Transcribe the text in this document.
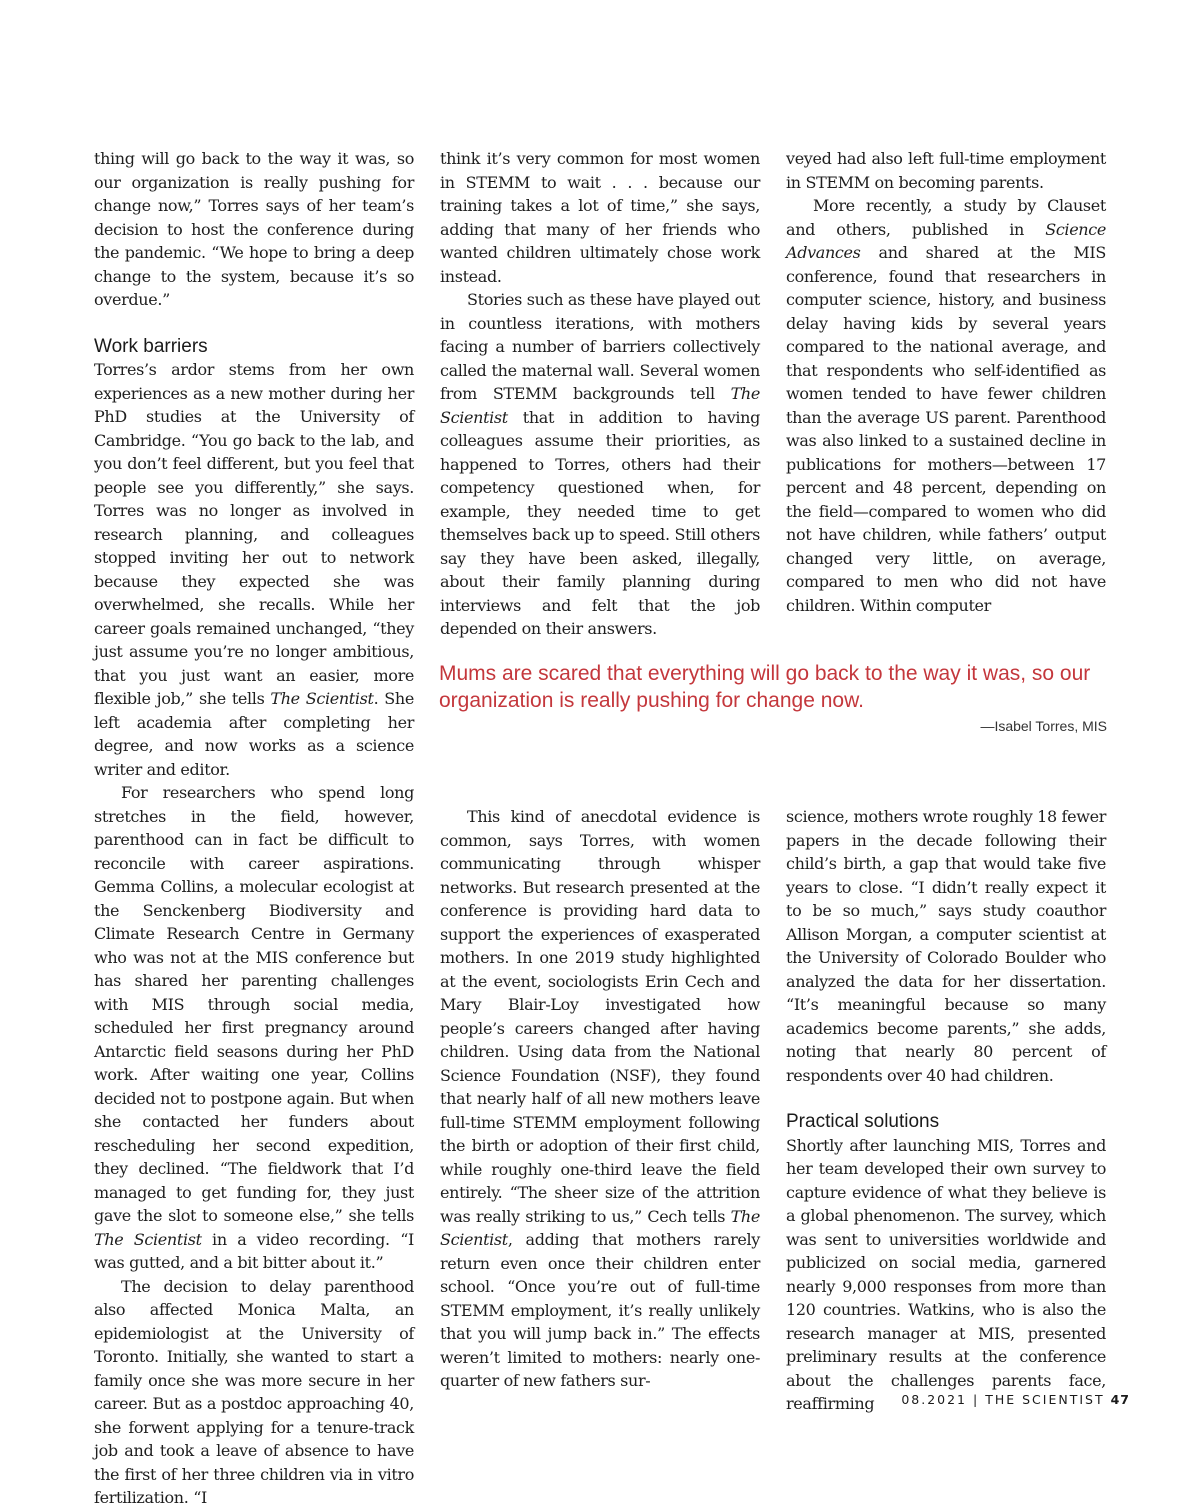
thing will go back to the way it was, so our organization is really pushing for change now,” Torres says of her team’s decision to host the conference during the pandemic. “We hope to bring a deep change to the system, because it’s so overdue.”

Work barriers

Torres’s ardor stems from her own experiences as a new mother during her PhD studies at the University of Cambridge. “You go back to the lab, and you don’t feel different, but you feel that people see you differently,” she says. Torres was no longer as involved in research planning, and colleagues stopped inviting her out to network because they expected she was overwhelmed, she recalls. While her career goals remained unchanged, “they just assume you’re no longer ambitious, that you just want an easier, more flexible job,” she tells The Scientist. She left academia after completing her degree, and now works as a science writer and editor.

For researchers who spend long stretches in the field, however, parenthood can in fact be difficult to reconcile with career aspirations. Gemma Collins, a molecular ecologist at the Senckenberg Biodiversity and Climate Research Centre in Germany who was not at the MIS conference but has shared her parenting challenges with MIS through social media, scheduled her first pregnancy around Antarctic field seasons during her PhD work. After waiting one year, Collins decided not to postpone again. But when she contacted her funders about rescheduling her second expedition, they declined. “The fieldwork that I’d managed to get funding for, they just gave the slot to someone else,” she tells The Scientist in a video recording. “I was gutted, and a bit bitter about it.”

The decision to delay parenthood also affected Monica Malta, an epidemiologist at the University of Toronto. Initially, she wanted to start a family once she was more secure in her career. But as a postdoc approaching 40, she forwent applying for a tenure-track job and took a leave of absence to have the first of her three children via in vitro fertilization. “I

think it’s very common for most women in STEMM to wait . . . because our training takes a lot of time,” she says, adding that many of her friends who wanted children ultimately chose work instead.

Stories such as these have played out in countless iterations, with mothers facing a number of barriers collectively called the maternal wall. Several women from STEMM backgrounds tell The Scientist that in addition to having colleagues assume their priorities, as happened to Torres, others had their competency questioned when, for example, they needed time to get themselves back up to speed. Still others say they have been asked, illegally, about their family planning during interviews and felt that the job depended on their answers.

veyed had also left full-time employment in STEMM on becoming parents.

More recently, a study by Clauset and others, published in Science Advances and shared at the MIS conference, found that researchers in computer science, history, and business delay having kids by several years compared to the national average, and that respondents who self-identified as women tended to have fewer children than the average US parent. Parenthood was also linked to a sustained decline in publications for mothers—between 17 percent and 48 percent, depending on the field—compared to women who did not have children, while fathers’ output changed very little, on average, compared to men who did not have children. Within computer

Mums are scared that everything will go back to the way it was, so our organization is really pushing for change now.
—Isabel Torres, MIS

This kind of anecdotal evidence is common, says Torres, with women communicating through whisper networks. But research presented at the conference is providing hard data to support the experiences of exasperated mothers. In one 2019 study highlighted at the event, sociologists Erin Cech and Mary Blair-Loy investigated how people’s careers changed after having children. Using data from the National Science Foundation (NSF), they found that nearly half of all new mothers leave full-time STEMM employment following the birth or adoption of their first child, while roughly one-third leave the field entirely. “The sheer size of the attrition was really striking to us,” Cech tells The Scientist, adding that mothers rarely return even once their children enter school. “Once you’re out of full-time STEMM employment, it’s really unlikely that you will jump back in.” The effects weren’t limited to mothers: nearly one-quarter of new fathers sur-

science, mothers wrote roughly 18 fewer papers in the decade following their child’s birth, a gap that would take five years to close. “I didn’t really expect it to be so much,” says study coauthor Allison Morgan, a computer scientist at the University of Colorado Boulder who analyzed the data for her dissertation. “It’s meaningful because so many academics become parents,” she adds, noting that nearly 80 percent of respondents over 40 had children.

Practical solutions

Shortly after launching MIS, Torres and her team developed their own survey to capture evidence of what they believe is a global phenomenon. The survey, which was sent to universities worldwide and publicized on social media, garnered nearly 9,000 responses from more than 120 countries. Watkins, who is also the research manager at MIS, presented preliminary results at the conference about the challenges parents face, reaffirming	08.2021 | THE SCIENTIST 47
